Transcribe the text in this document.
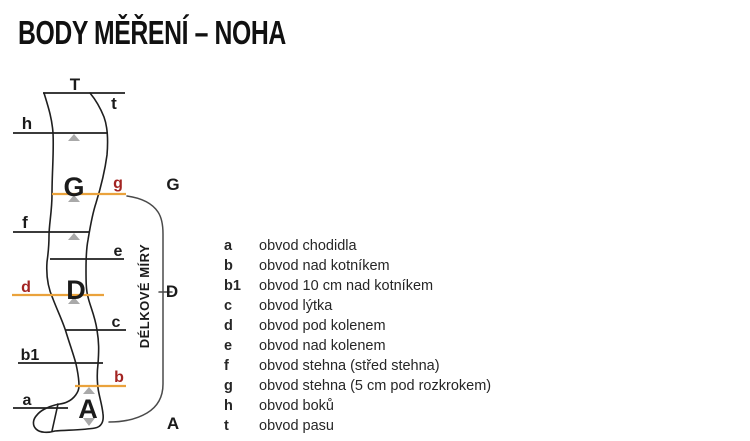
BODY MĚŘENÍ – NOHA
T
t
h
G g	G
f
e
d D	D
c
b1
b
a A	A
DÉLKOVÉ MÍRY	a	obvod chodidla
b	obvod nad kotníkem
b1	obvod 10 cm nad kotníkem
c	obvod lýtka
d	obvod pod kolenem
e	obvod nad kolenem
f	obvod stehna (střed stehna)
g	obvod stehna (5 cm pod rozkrokem)
h	obvod boků
t	obvod pasu
